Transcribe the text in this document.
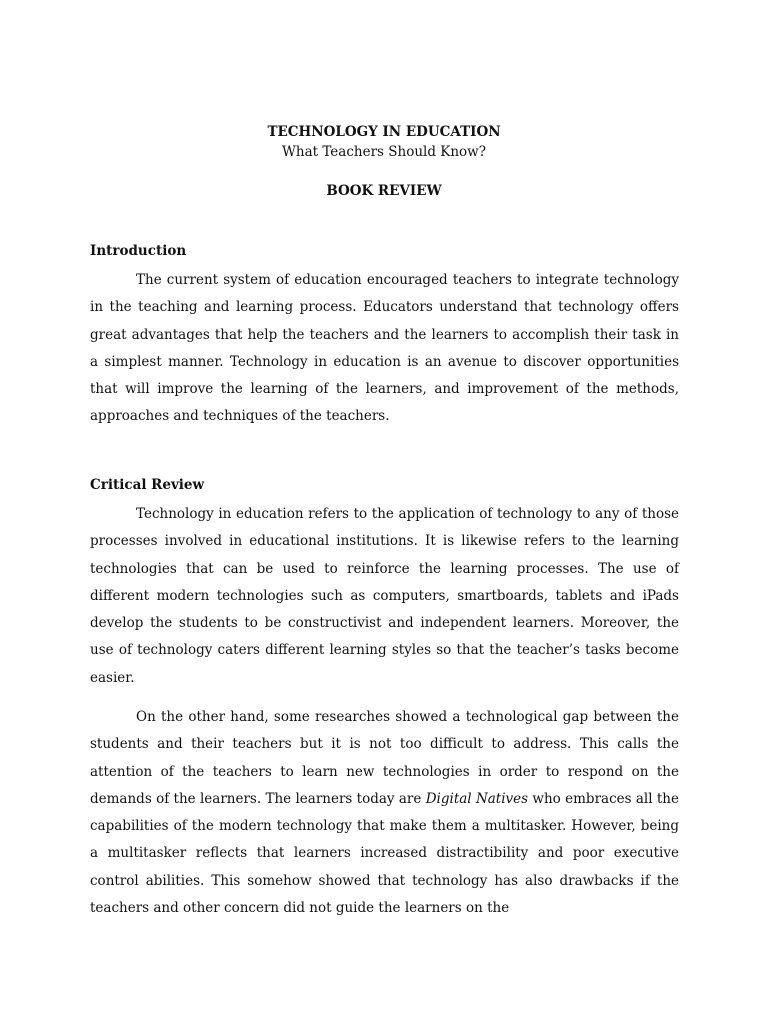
TECHNOLOGY IN EDUCATION
What Teachers Should Know?
BOOK REVIEW
Introduction

The current system of education encouraged teachers to integrate technology in the teaching and learning process. Educators understand that technology offers great advantages that help the teachers and the learners to accomplish their task in a simplest manner. Technology in education is an avenue to discover opportunities that will improve the learning of the learners, and improvement of the methods, approaches and techniques of the teachers.

Critical Review

Technology in education refers to the application of technology to any of those processes involved in educational institutions. It is likewise refers to the learning technologies that can be used to reinforce the learning processes. The use of different modern technologies such as computers, smartboards, tablets and iPads develop the students to be constructivist and independent learners. Moreover, the use of technology caters different learning styles so that the teacher’s tasks become easier.

On the other hand, some researches showed a technological gap between the students and their teachers but it is not too difficult to address. This calls the attention of the teachers to learn new technologies in order to respond on the demands of the learners. The learners today are Digital Natives who embraces all the capabilities of the modern technology that make them a multitasker. However, being a multitasker reflects that learners increased distractibility and poor executive control abilities. This somehow showed that technology has also drawbacks if the teachers and other concern did not guide the learners on the
